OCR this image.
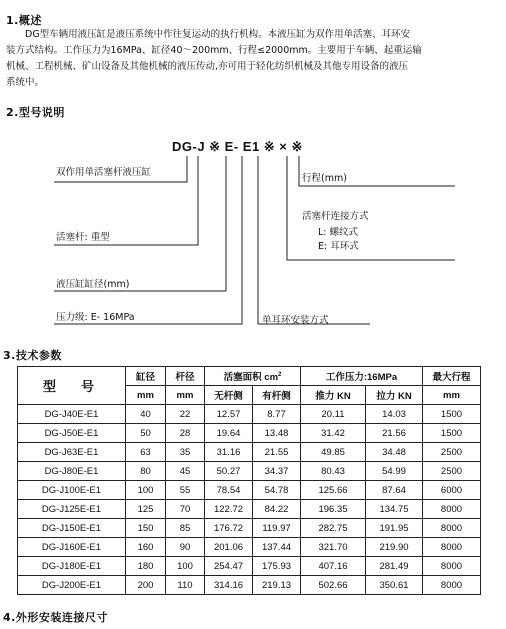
1.概述
　　DG型车辆用液压缸是液压系统中作往复运动的执行机构。本液压缸为双作用单活塞、耳环安
装方式结构。工作压力为16MPa、缸径40～200mm、行程≤2000mm。主要用于车辆、起重运输
机械、工程机械、矿山设备及其他机械的液压传动,亦可用于轻化纺织机械及其他专用设备的液压
系统中。
2.型号说明
DG-J ※ E- E1 ※ × ※
双作用单活塞杆液压缸
活塞杆: 重型
液压缸缸径(mm)
压力级: E- 16MPa
行程(mm)
活塞杆连接方式
L: 螺纹式
E: 耳环式
单耳环安装方式
3.技术参数
型　号	缸径	杆径	活塞面积 $cm^2$		工作压力:16MPa		最大行程
	mm	mm	无杆侧	有杆侧	推力 KN	拉力 KN	mm
DG-J40E-E1	40	22	12.57	8.77	20.11	14.03	1500
DG-J50E-E1	50	28	19.64	13.48	31.42	21.56	1500
DG-J63E-E1	63	35	31.16	21.55	49.85	34.48	2500
DG-J80E-E1	80	45	50.27	34.37	80.43	54.99	2500
DG-J100E-E1	100	55	78.54	54.78	125.66	87.64	6000
DG-J125E-E1	125	70	122.72	84.22	196.35	134.75	8000
DG-J150E-E1	150	85	176.72	119.97	282.75	191.95	8000
DG-J160E-E1	160	90	201.06	137.44	321.70	219.90	8000
DG-J180E-E1	180	100	254.47	175.93	407.16	281.49	8000
DG-J200E-E1	200	110	314.16	219.13	502.66	350.61	8000
4.外形安装连接尺寸
